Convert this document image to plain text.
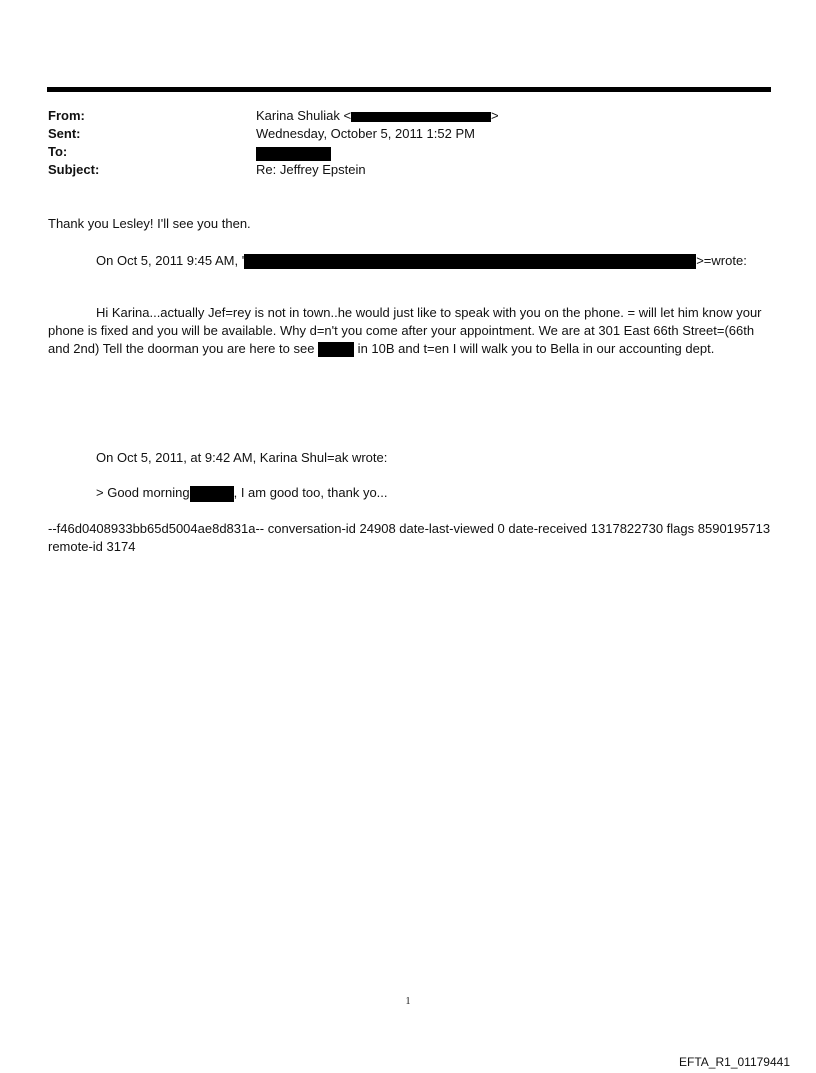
From:	Karina Shuliak <	>
Sent:	Wednesday, October 5, 2011 1:52 PM
To:
Subject:	Re: Jeffrey Epstein
Thank you Lesley! I'll see you then.
On Oct 5, 2011 9:45 AM, '	>=wrote:

Hi Karina...actually Jef=rey is not in town..he would just like to speak with you on the phone. = will let him know your phone is fixed and you will be available. Why d=n't you come after your appointment. We are at 301 East 66th Street=(66th and 2nd) Tell the doorman you are here to see	in 10B and t=en I will walk you to Bella in our accounting dept.

On Oct 5, 2011, at 9:42 AM, Karina Shul=ak wrote:
> Good morning	, I am good too, thank yo...
--f46d0408933bb65d5004ae8d831a-- conversation-id 24908 date-last-viewed 0 date-received 1317822730 flags 8590195713 remote-id 3174
1
EFTA_R1_01179441
